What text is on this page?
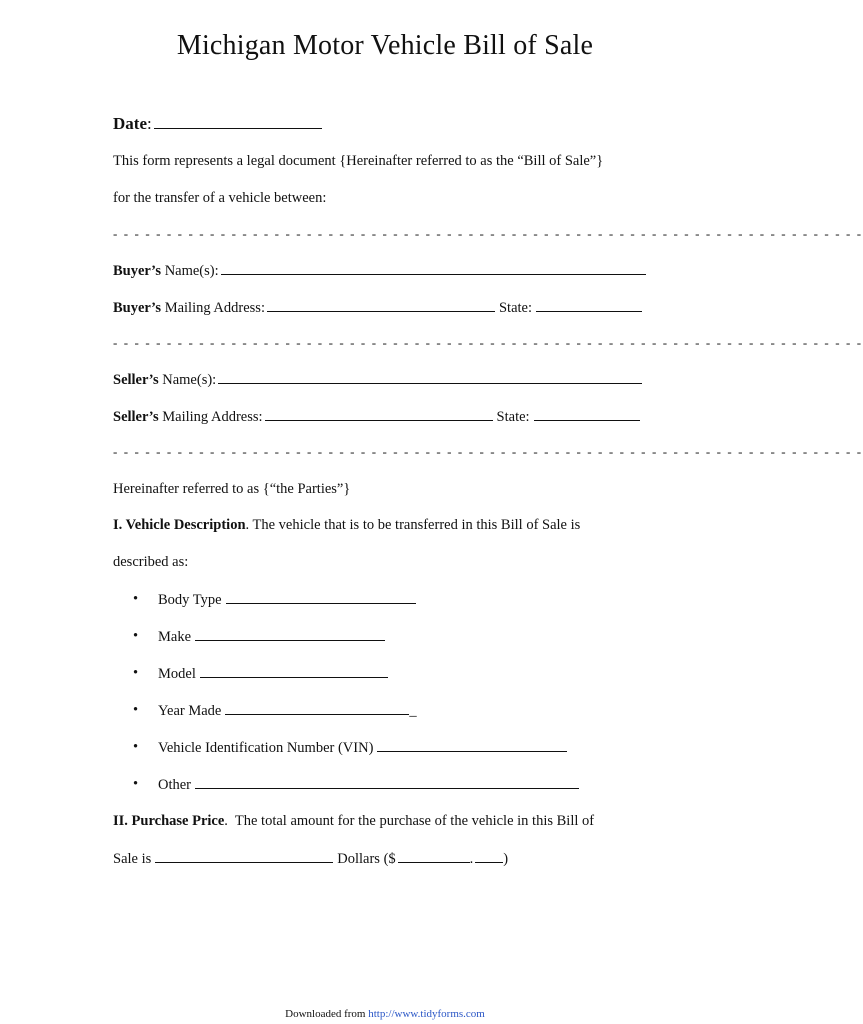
Michigan Motor Vehicle Bill of Sale
Date :
This form represents a legal document {Hereinafter referred to as the “Bill of Sale”}
for the transfer of a vehicle between:
- - - - - - - - - - - - - - - - - - - - - - - - - - - - - - - - - - - - - - - - - - - - - - - - - - - - - - - - - - - - - - - - - - - - - -
Buyer’s Name(s):
Buyer’s Mailing Address:	State:
- - - - - - - - - - - - - - - - - - - - - - - - - - - - - - - - - - - - - - - - - - - - - - - - - - - - - - - - - - - - - - - - - - - - - -
Seller’s Name(s):
Seller’s Mailing Address:	State:
- - - - - - - - - - - - - - - - - - - - - - - - - - - - - - - - - - - - - - - - - - - - - - - - - - - - - - - - - - - - - - - - - - - - - -
Hereinafter referred to as {“the Parties”}
I. Vehicle Description . The vehicle that is to be transferred in this Bill of Sale is
described as:
• Body Type
• Make
• Model
• Year Made	_
• Vehicle Identification Number (VIN)
• Other
II. Purchase Price .  The total amount for the purchase of the vehicle in this Bill of
Sale is	Dollars ($	. )
Downloaded from http://www.tidyforms.com
